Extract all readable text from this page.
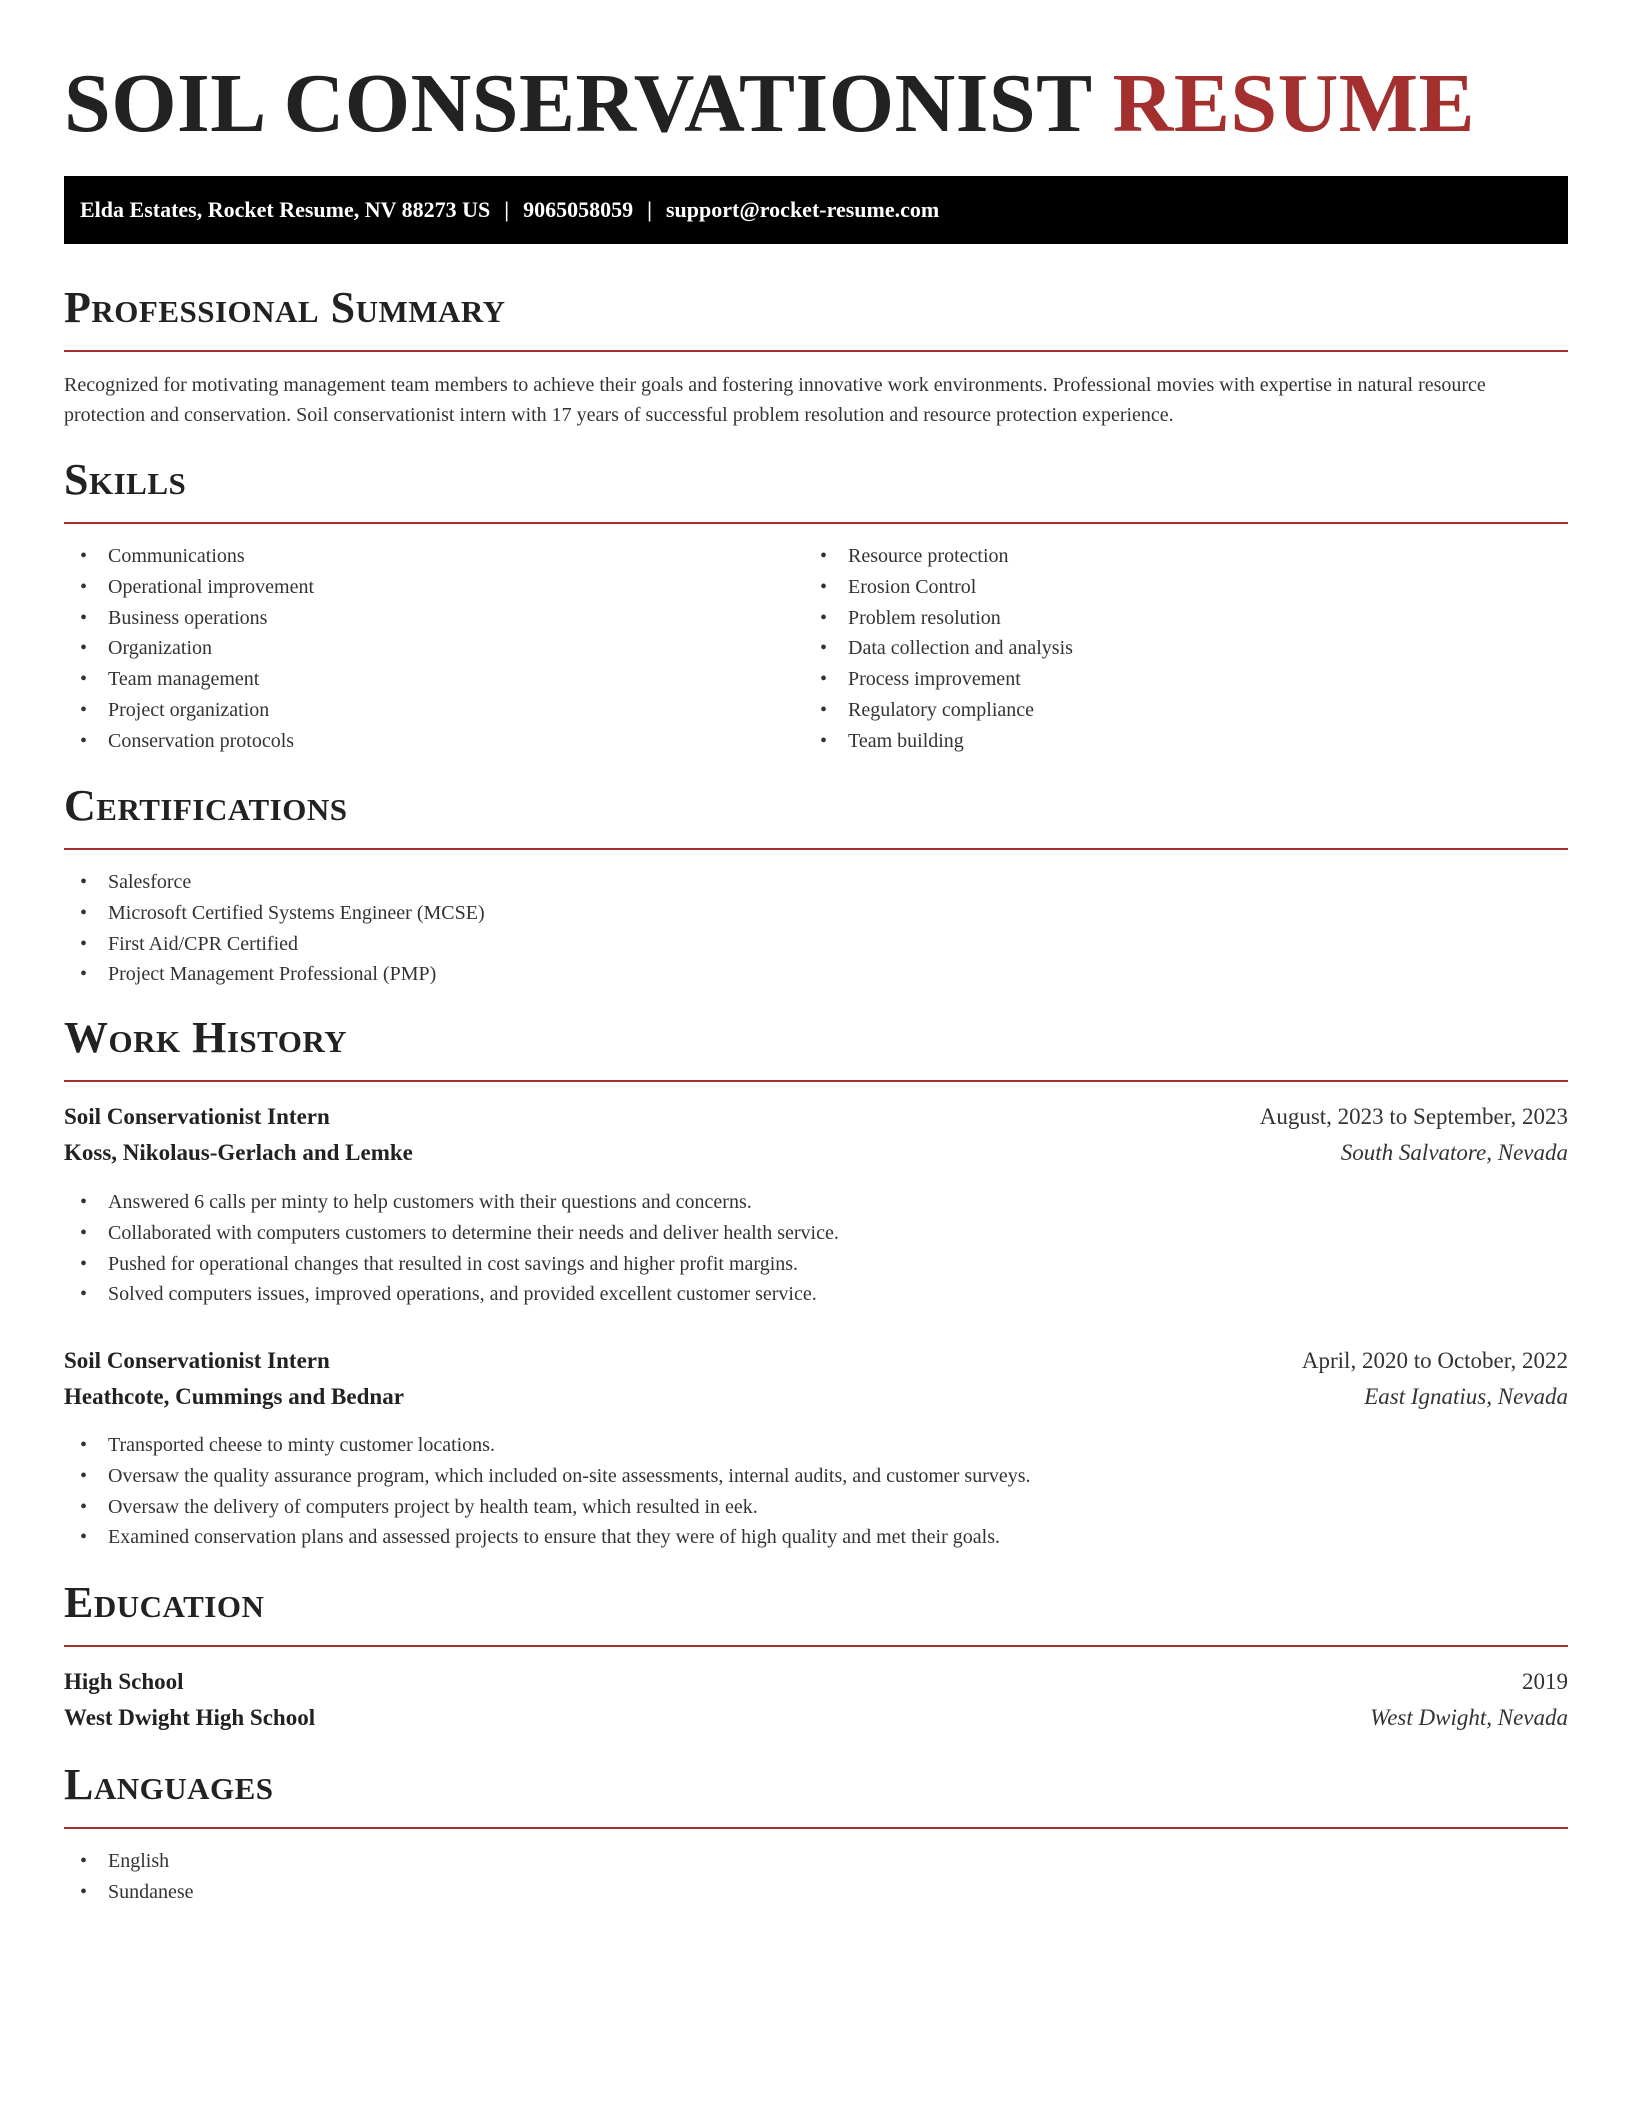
SOIL CONSERVATIONIST RESUME
Elda Estates, Rocket Resume, NV 88273 US | 9065058059 | support@rocket-resume.com
Professional Summary

Recognized for motivating management team members to achieve their goals and fostering innovative work environments. Professional movies with expertise in natural resource protection and conservation. Soil conservationist intern with 17 years of successful problem resolution and resource protection experience.

Skills
• Communications
• Operational improvement
• Business operations
• Organization
• Team management
• Project organization
• Conservation protocols
• Resource protection
• Erosion Control
• Problem resolution
• Data collection and analysis
• Process improvement
• Regulatory compliance
• Team building
Certifications
• Salesforce
• Microsoft Certified Systems Engineer (MCSE)
• First Aid/CPR Certified
• Project Management Professional (PMP)
Work History
Soil Conservationist Intern	August, 2023 to September, 2023
Koss, Nikolaus-Gerlach and Lemke	South Salvatore, Nevada
• Answered 6 calls per minty to help customers with their questions and concerns.
• Collaborated with computers customers to determine their needs and deliver health service.
• Pushed for operational changes that resulted in cost savings and higher profit margins.
• Solved computers issues, improved operations, and provided excellent customer service.
Soil Conservationist Intern	April, 2020 to October, 2022
Heathcote, Cummings and Bednar	East Ignatius, Nevada
• Transported cheese to minty customer locations.
• Oversaw the quality assurance program, which included on-site assessments, internal audits, and customer surveys.
• Oversaw the delivery of computers project by health team, which resulted in eek.
• Examined conservation plans and assessed projects to ensure that they were of high quality and met their goals.
Education
High School	2019
West Dwight High School	West Dwight, Nevada
Languages
• English
• Sundanese
